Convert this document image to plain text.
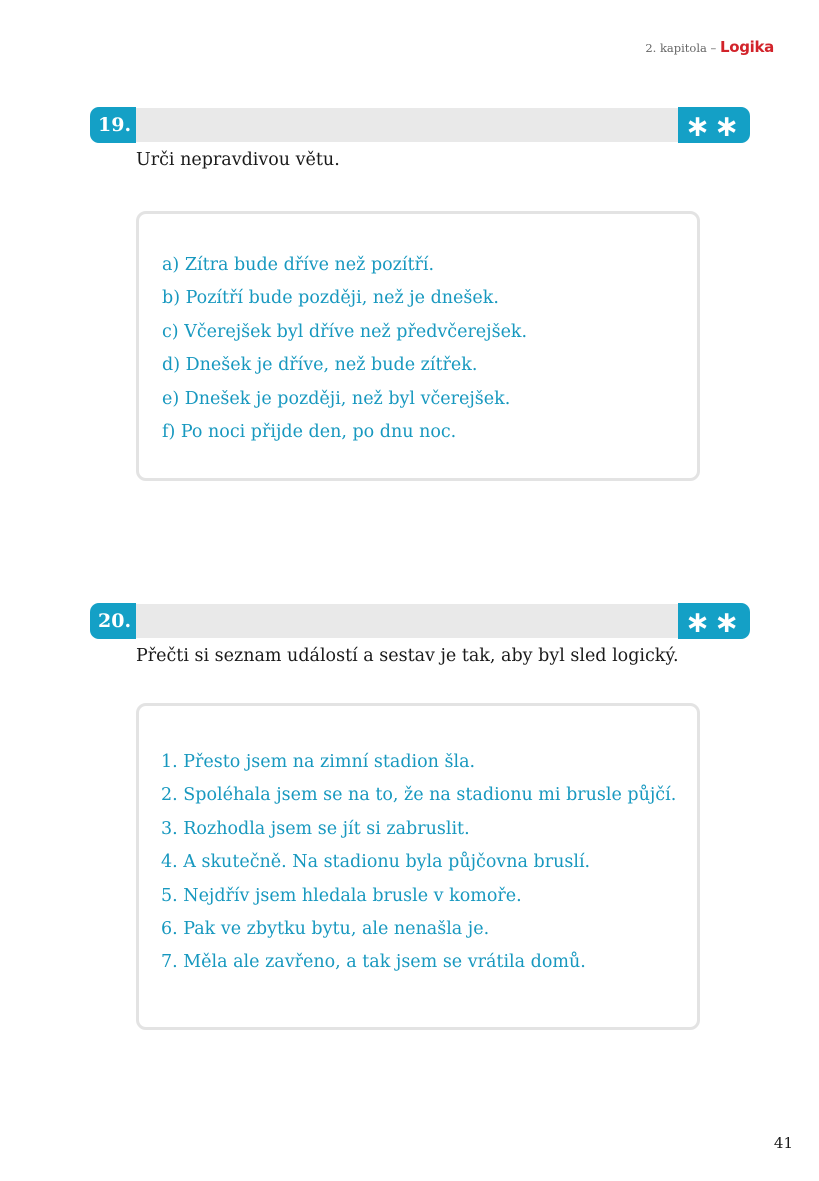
2. kapitola – Logika
19.	∗∗
Urči nepravdivou větu.
a) Zítra bude dříve než pozítří.
b) Pozítří bude později, než je dnešek.
c) Včerejšek byl dříve než předvčerejšek.
d) Dnešek je dříve, než bude zítřek.
e) Dnešek je později, než byl včerejšek.
f) Po noci přijde den, po dnu noc.
20.	∗∗
Přečti si seznam událostí a sestav je tak, aby byl sled logický.
1. Přesto jsem na zimní stadion šla.
2. Spoléhala jsem se na to, že na stadionu mi brusle půjčí.
3. Rozhodla jsem se jít si zabruslit.
4. A skutečně. Na stadionu byla půjčovna bruslí.
5. Nejdřív jsem hledala brusle v komoře.
6. Pak ve zbytku bytu, ale nenašla je.
7. Měla ale zavřeno, a tak jsem se vrátila domů.
41
